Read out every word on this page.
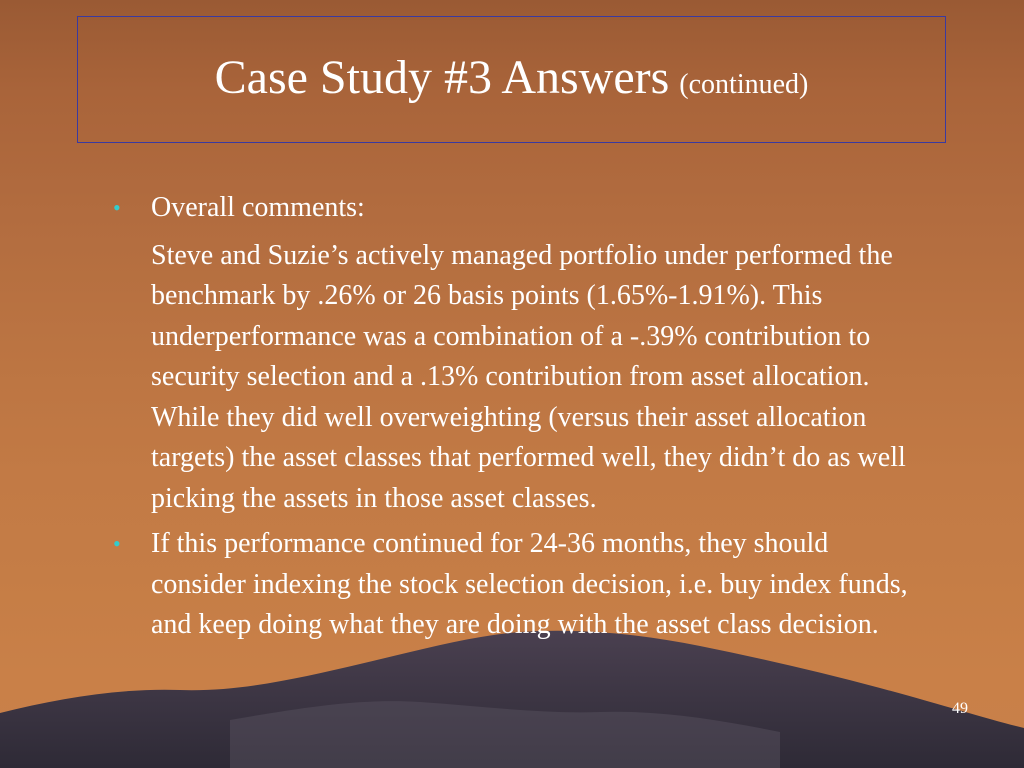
Case Study #3 Answers (continued)
•	Overall comments:
Steve and Suzie’s actively managed portfolio under performed the benchmark by .26% or 26 basis points (1.65%-1.91%). This underperformance was a combination of a -.39% contribution to security selection and a .13% contribution from asset allocation. While they did well overweighting (versus their asset allocation targets) the asset classes that performed well, they didn’t do as well picking the assets in those asset classes.
•	If this performance continued for 24-36 months, they should consider indexing the stock selection decision, i.e. buy index funds, and keep doing what they are doing with the asset class decision.
49
